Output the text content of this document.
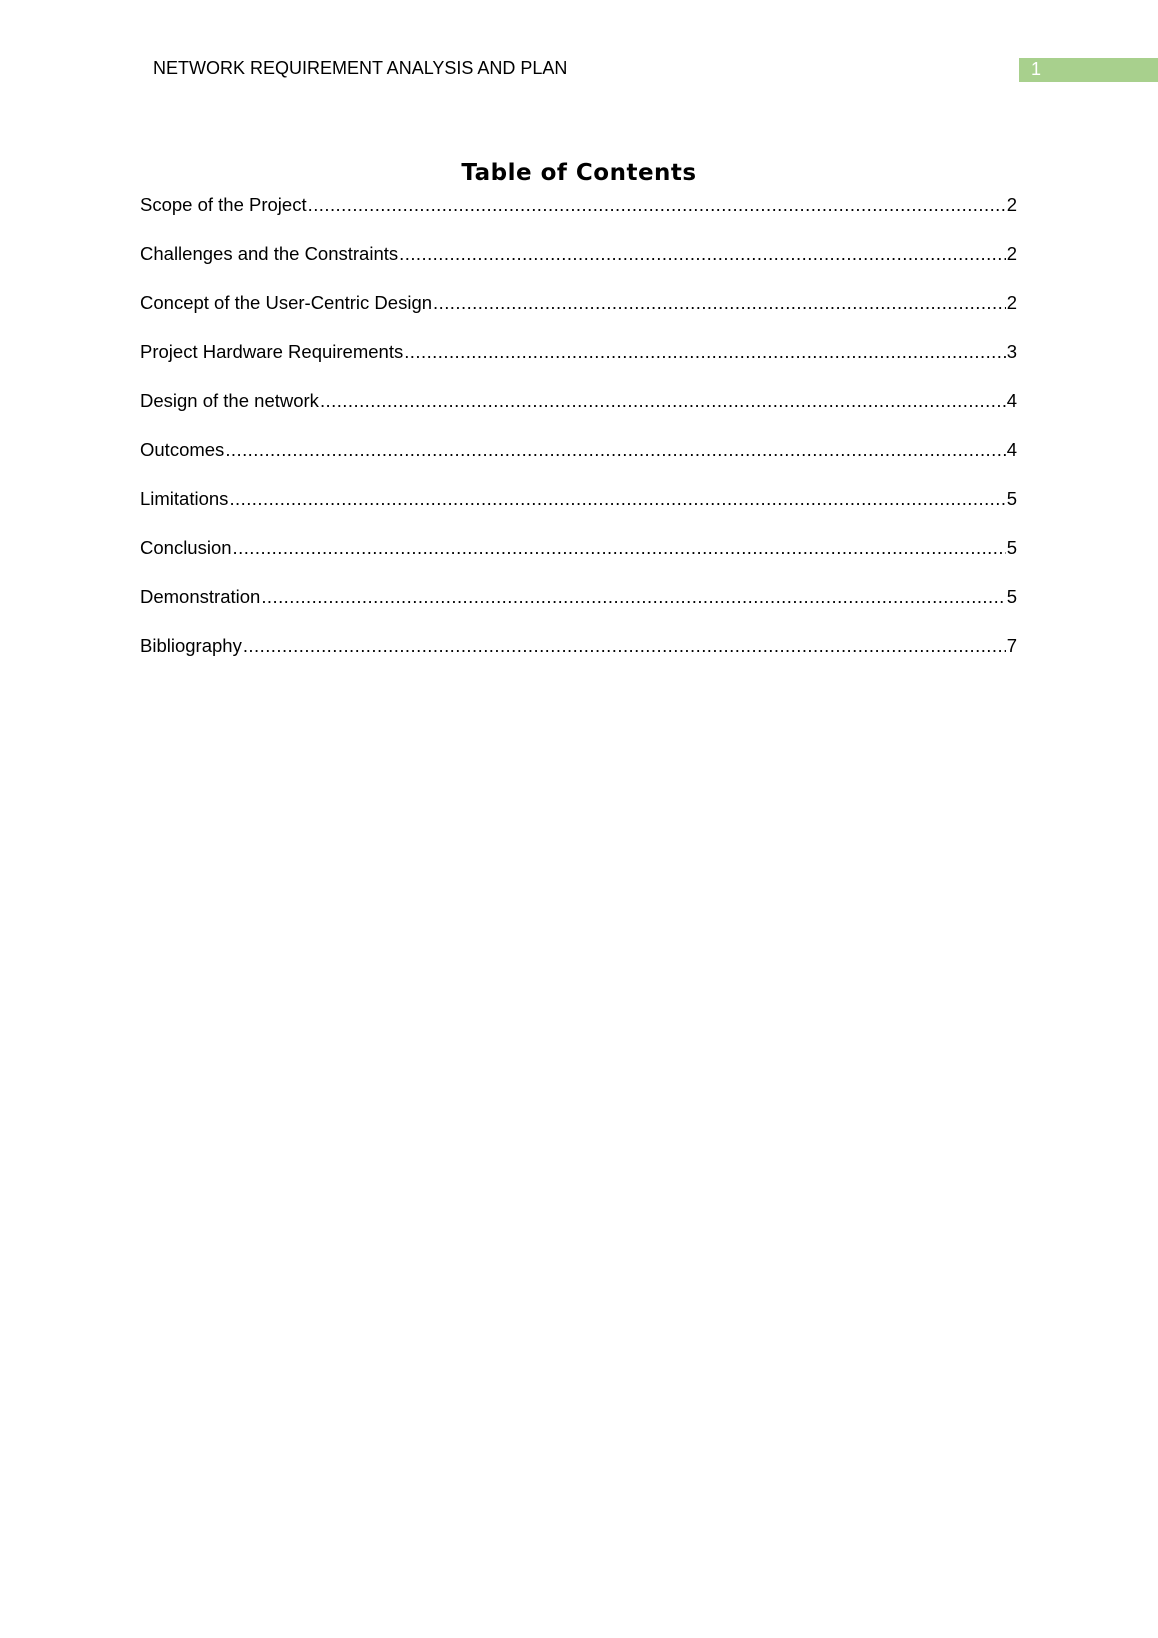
NETWORK REQUIREMENT ANALYSIS AND PLAN	1
Table of Contents
Scope of the Project .....	2
Challenges and the Constraints .....	2
Concept of the User-Centric Design .....	2
Project Hardware Requirements .....	3
Design of the network .....	4
Outcomes .....	4
Limitations .....	5
Conclusion .....	5
Demonstration .....	5
Bibliography .....	7
